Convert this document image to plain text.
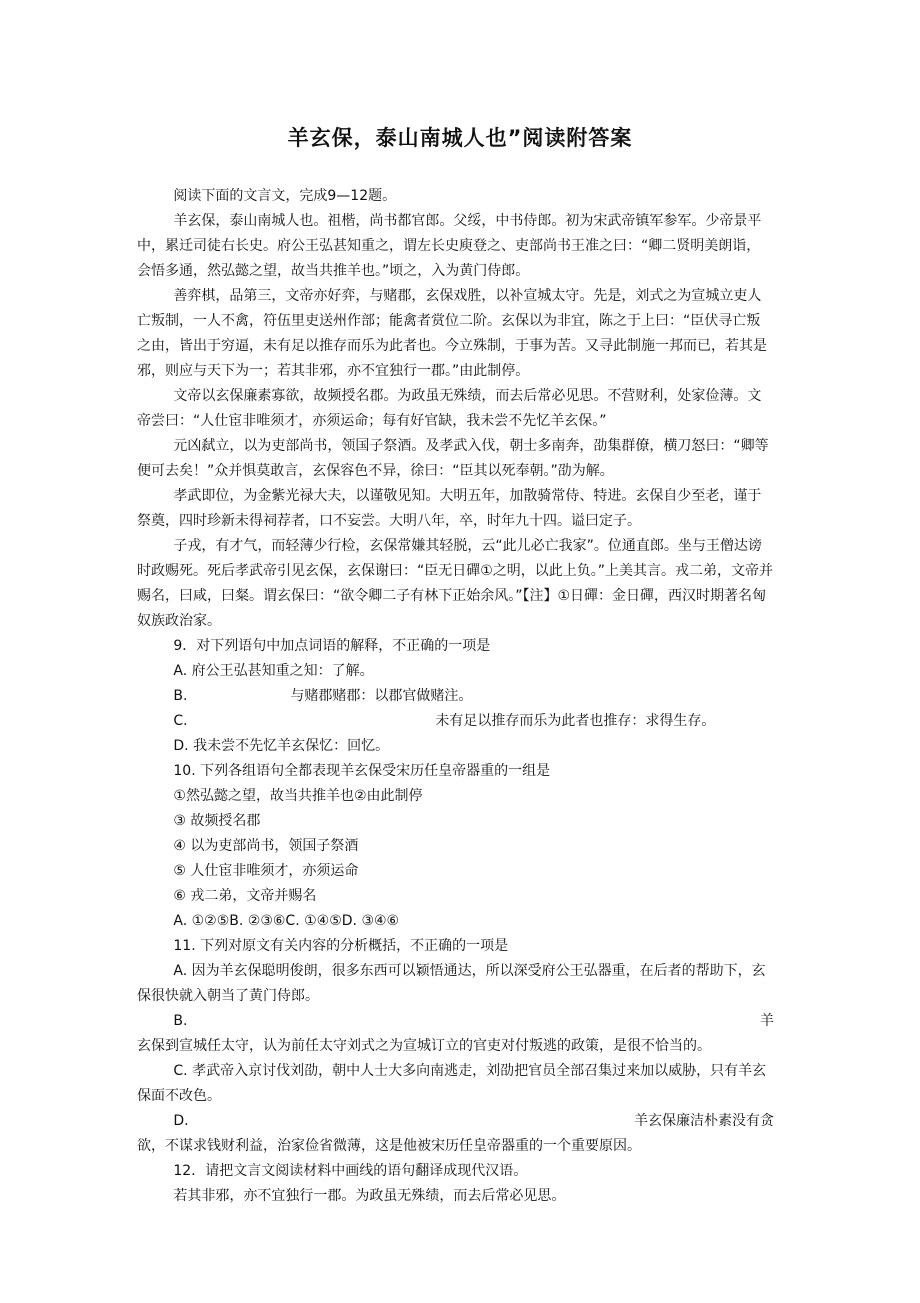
羊玄保，泰山南城人也”阅读附答案

阅读下面的文言文，完成9—12题。

羊玄保，泰山南城人也。祖楷，尚书都官郎。父绥，中书侍郎。初为宋武帝镇军参军。少帝景平中，累迁司徒右长史。府公王弘甚知重之，谓左长史庾登之、吏部尚书王准之曰：“卿二贤明美朗诣，会悟多通，然弘懿之望，故当共推羊也。”顷之，入为黄门侍郎。

善弈棋，品第三，文帝亦好弈，与赌郡，玄保戏胜，以补宣城太守。先是，刘式之为宣城立吏人亡叛制，一人不禽，符伍里吏送州作部；能禽者赏位二阶。玄保以为非宜，陈之于上曰：“臣伏寻亡叛之由，皆出于穷逼，未有足以推存而乐为此者也。今立殊制，于事为苦。又寻此制施一邦而已，若其是邪，则应与天下为一；若其非邪，亦不宜独行一郡。”由此制停。

文帝以玄保廉素寡欲，故频授名郡。为政虽无殊绩，而去后常必见思。不营财利，处家俭薄。文帝尝曰：“人仕宦非唯须才，亦须运命；每有好官缺，我未尝不先忆羊玄保。”

元凶弑立，以为吏部尚书，领国子祭酒。及孝武入伐，朝士多南奔，劭集群僚，横刀怒曰：“卿等便可去矣！”众并惧莫敢言，玄保容色不异，徐曰：“臣其以死奉朝。”劭为解。

孝武即位，为金紫光禄大夫，以谨敬见知。大明五年，加散骑常侍、特进。玄保自少至老，谨于祭奠，四时珍新未得祠荐者，口不妄尝。大明八年，卒，时年九十四。谥曰定子。

子戎，有才气，而轻薄少行检，玄保常嫌其轻脱，云“此儿必亡我家”。位通直郎。坐与王僧达谤时政赐死。死后孝武帝引见玄保，玄保谢曰：“臣无日磾①之明，以此上负。”上美其言。戎二弟，文帝并赐名，曰咸，曰粲。谓玄保曰：“欲令卿二子有林下正始余风。”【注】①日磾：金日磾，西汉时期著名匈奴族政治家。

9．对下列语句中加点词语的解释，不正确的一项是

A. 府公王弘甚知重之知：了解。

B.	与赌郡赌郡：以郡官做赌注。

C.	未有足以推存而乐为此者也推存：求得生存。

D. 我未尝不先忆羊玄保忆：回忆。

10. 下列各组语句全都表现羊玄保受宋历任皇帝器重的一组是

①然弘懿之望，故当共推羊也②由此制停

③ 故频授名郡

④ 以为吏部尚书，领国子祭酒

⑤ 人仕宦非唯须才，亦须运命

⑥ 戎二弟，文帝并赐名

A. ①②⑤B. ②③⑥C. ①④⑤D. ③④⑥

11. 下列对原文有关内容的分析概括，不正确的一项是

A. 因为羊玄保聪明俊朗，很多东西可以颖悟通达，所以深受府公王弘器重，在后者的帮助下，玄保很快就入朝当了黄门侍郎。

B.	羊

玄保到宣城任太守，认为前任太守刘式之为宣城订立的官吏对付叛逃的政策，是很不恰当的。

C. 孝武帝入京讨伐刘劭，朝中人士大多向南逃走，刘劭把官员全部召集过来加以威胁，只有羊玄保面不改色。

D.	羊玄保廉洁朴素没有贪

欲，不谋求钱财利益，治家俭省微薄，这是他被宋历任皇帝器重的一个重要原因。

12．请把文言文阅读材料中画线的语句翻译成现代汉语。

若其非邪，亦不宜独行一郡。为政虽无殊绩，而去后常必见思。
